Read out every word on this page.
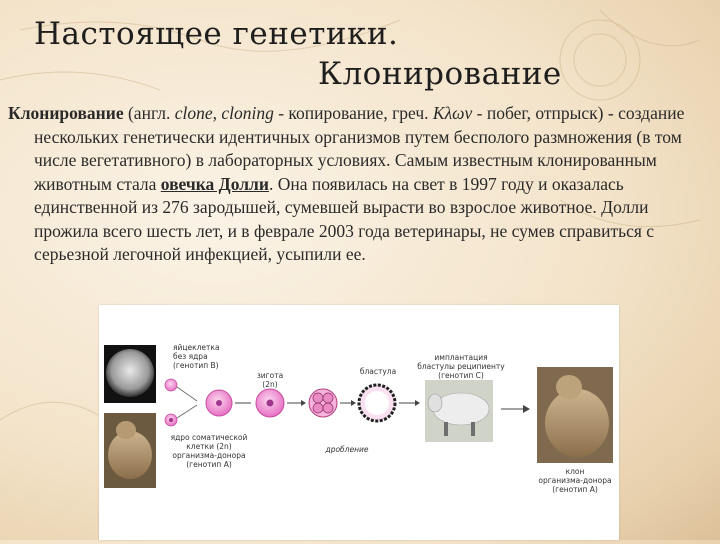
Настоящее генетики.
Клонирование

Клонирование (англ. clone, cloning - копирование, греч. Κλων - побег, отпрыск) - создание нескольких генетически идентичных организмов путем бесполого размножения (в том числе вегетативного) в лабораторных условиях. Самым известным клонированным животным стала овечка Долли. Она появилась на свет в 1997 году и оказалась единственной из 276 зародышей, сумевшей вырасти во взрослое животное. Долли прожила всего шесть лет, и в феврале 2003 года ветеринары, не сумев справиться с серьезной легочной инфекцией, усыпили ее.

яйцеклетка
без ядра
(генотип В)
ядро соматической
клетки (2n)
организма-донора
(генотип А)
зигота
(2n)
бластула
имплантация
бластулы реципиенту
(генотип С)
дробление
клон
организма-донора
(генотип А)
